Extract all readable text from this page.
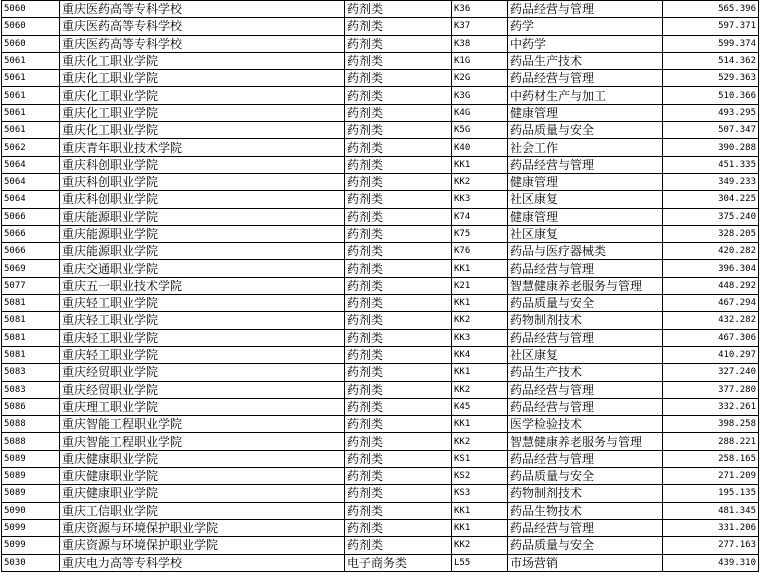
5060	重庆医药高等专科学校	药剂类	K36	药品经营与管理	565.396
5060	重庆医药高等专科学校	药剂类	K37	药学	597.371
5060	重庆医药高等专科学校	药剂类	K38	中药学	599.374
5061	重庆化工职业学院	药剂类	K1G	药品生产技术	514.362
5061	重庆化工职业学院	药剂类	K2G	药品经营与管理	529.363
5061	重庆化工职业学院	药剂类	K3G	中药材生产与加工	510.366
5061	重庆化工职业学院	药剂类	K4G	健康管理	493.295
5061	重庆化工职业学院	药剂类	K5G	药品质量与安全	507.347
5062	重庆青年职业技术学院	药剂类	K40	社会工作	390.288
5064	重庆科创职业学院	药剂类	KK1	药品经营与管理	451.335
5064	重庆科创职业学院	药剂类	KK2	健康管理	349.233
5064	重庆科创职业学院	药剂类	KK3	社区康复	304.225
5066	重庆能源职业学院	药剂类	K74	健康管理	375.240
5066	重庆能源职业学院	药剂类	K75	社区康复	328.205
5066	重庆能源职业学院	药剂类	K76	药品与医疗器械类	420.282
5069	重庆交通职业学院	药剂类	KK1	药品经营与管理	396.304
5077	重庆五一职业技术学院	药剂类	K21	智慧健康养老服务与管理	448.292
5081	重庆轻工职业学院	药剂类	KK1	药品质量与安全	467.294
5081	重庆轻工职业学院	药剂类	KK2	药物制剂技术	432.282
5081	重庆轻工职业学院	药剂类	KK3	药品经营与管理	467.306
5081	重庆轻工职业学院	药剂类	KK4	社区康复	410.297
5083	重庆经贸职业学院	药剂类	KK1	药品生产技术	327.240
5083	重庆经贸职业学院	药剂类	KK2	药品经营与管理	377.280
5086	重庆理工职业学院	药剂类	K45	药品经营与管理	332.261
5088	重庆智能工程职业学院	药剂类	KK1	医学检验技术	398.258
5088	重庆智能工程职业学院	药剂类	KK2	智慧健康养老服务与管理	288.221
5089	重庆健康职业学院	药剂类	KS1	药品经营与管理	258.165
5089	重庆健康职业学院	药剂类	KS2	药品质量与安全	271.209
5089	重庆健康职业学院	药剂类	KS3	药物制剂技术	195.135
5090	重庆工信职业学院	药剂类	KK1	药品生物技术	481.345
5099	重庆资源与环境保护职业学院	药剂类	KK1	药品经营与管理	331.206
5099	重庆资源与环境保护职业学院	药剂类	KK2	药品质量与安全	277.163
5030	重庆电力高等专科学校	电子商务类	L55	市场营销	439.310
